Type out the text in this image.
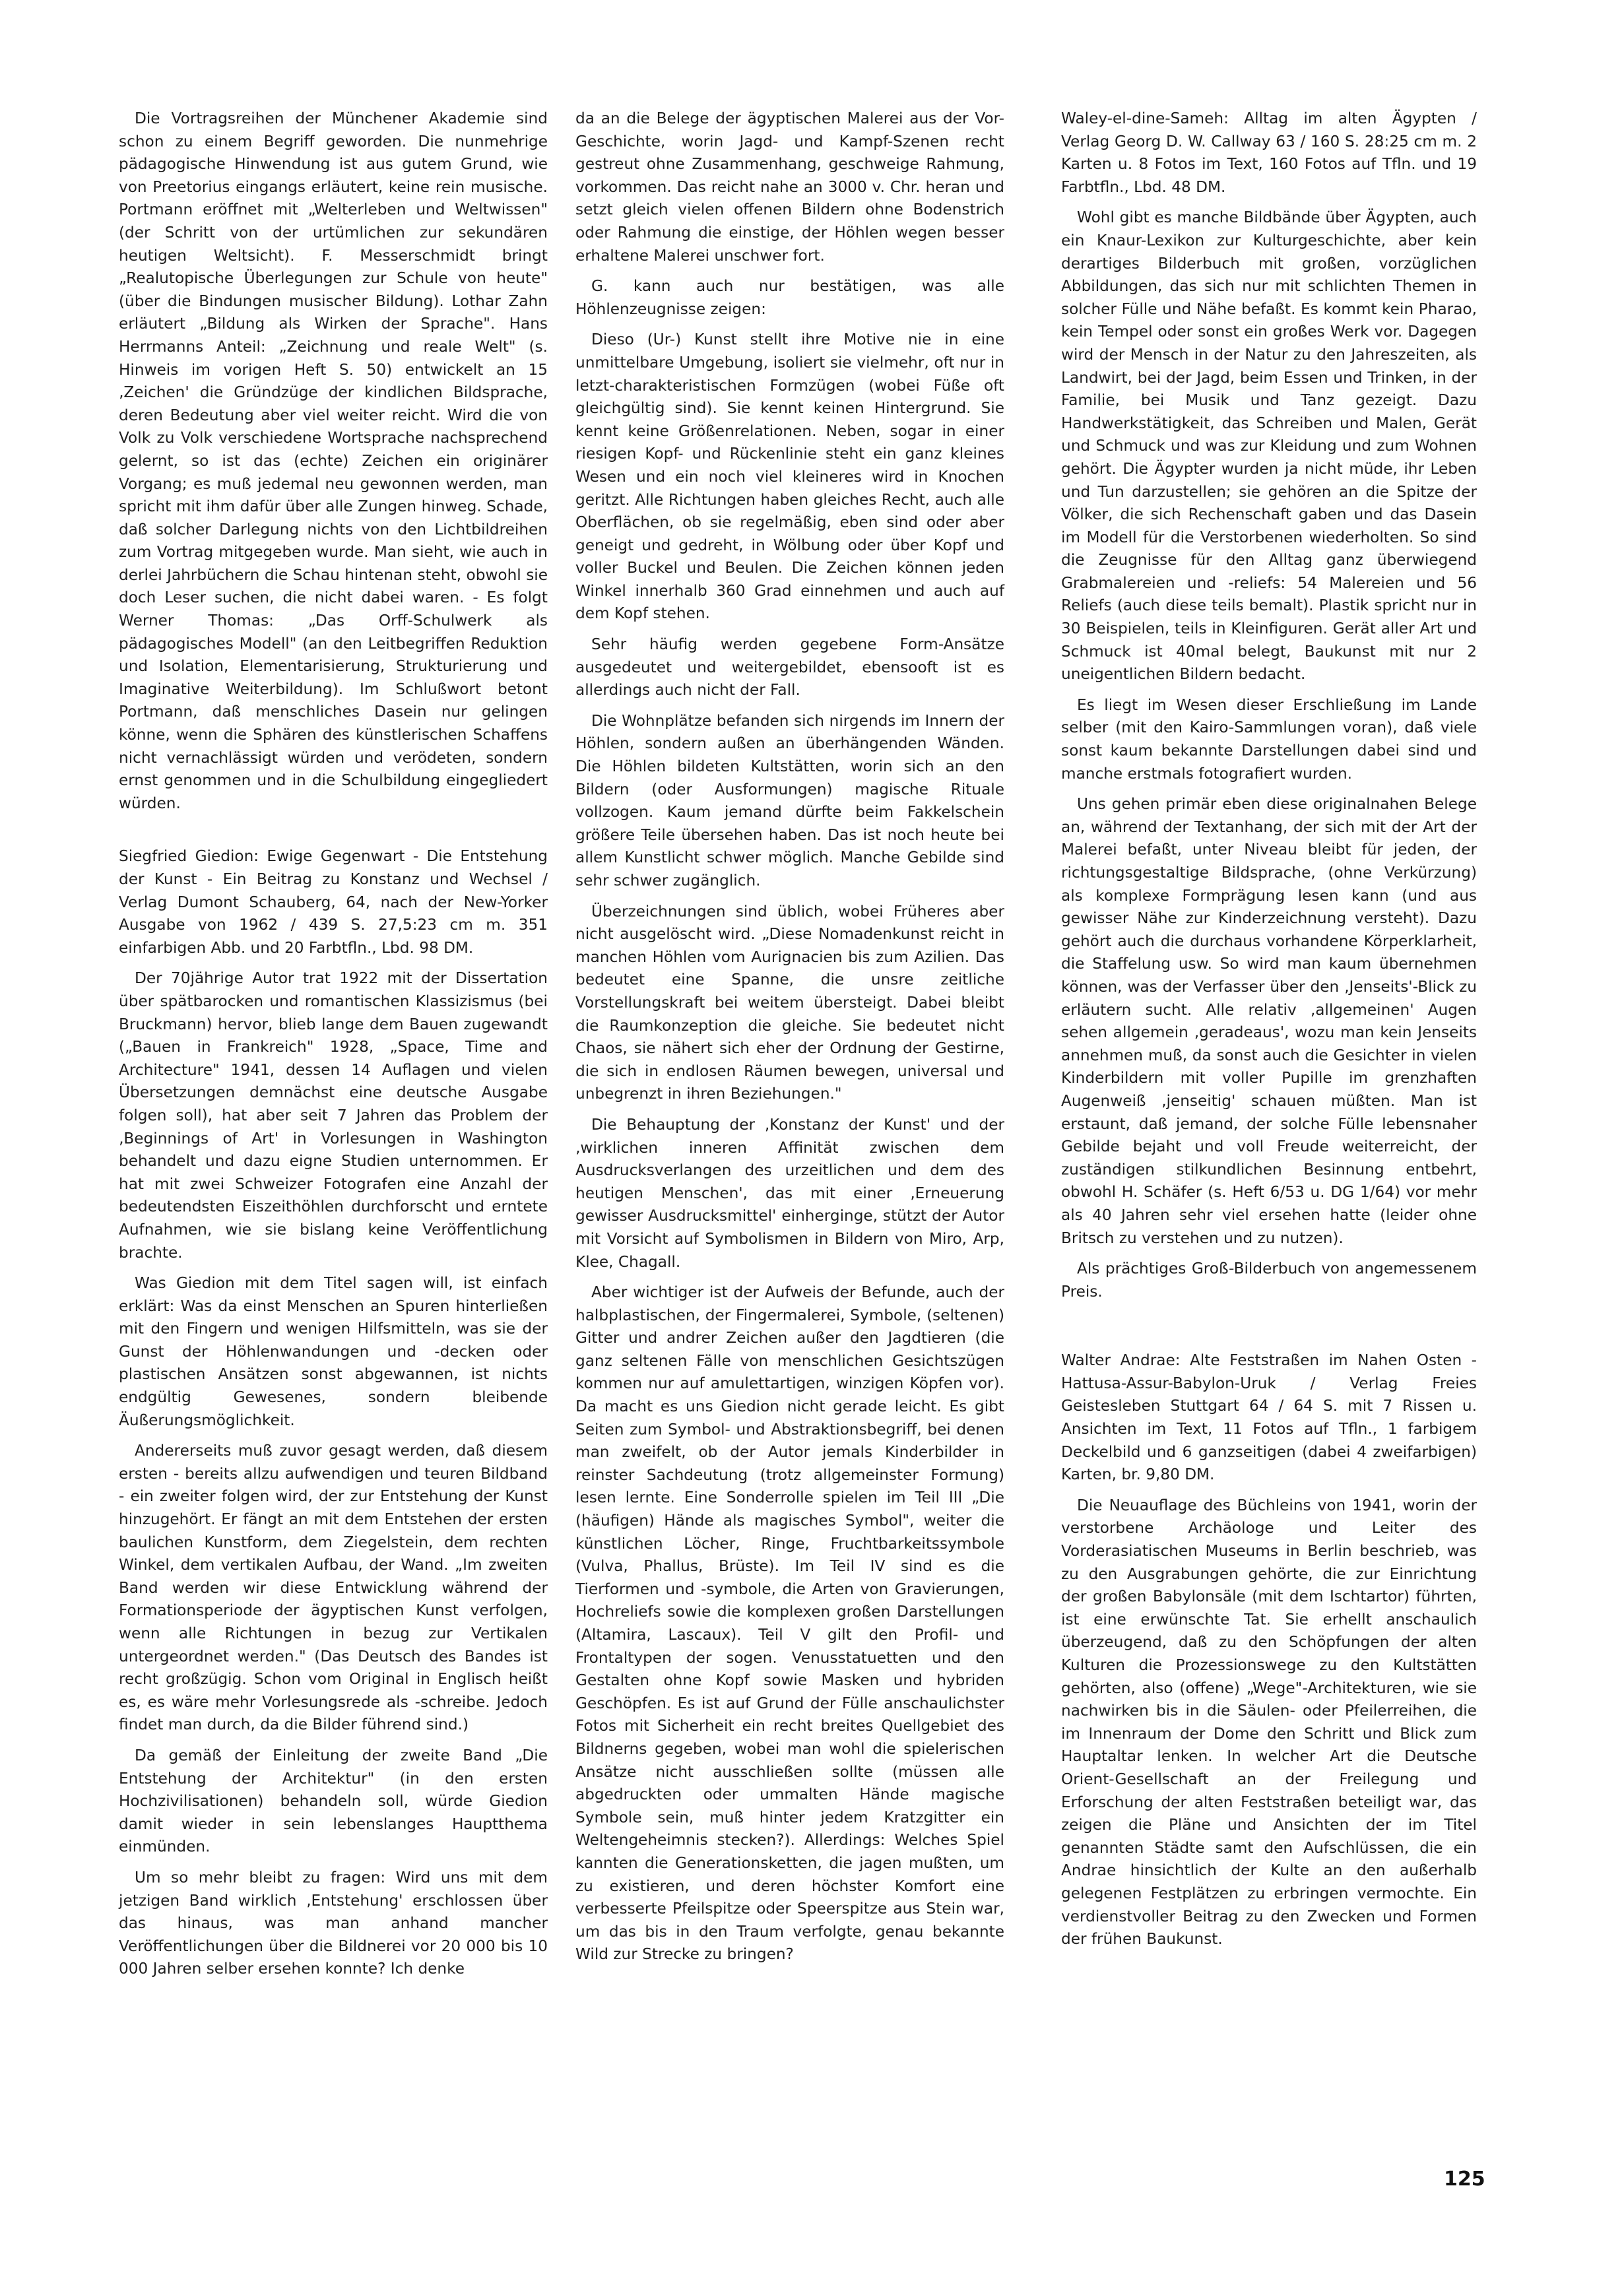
Die Vortragsreihen der Münchener Akademie sind schon zu einem Begriff geworden. Die nunmehrige pädagogische Hinwendung ist aus gutem Grund, wie von Preetorius eingangs erläutert, keine rein musische. Portmann eröffnet mit „Welterleben und Weltwissen" (der Schritt von der urtümlichen zur sekundären heutigen Weltsicht). F. Messerschmidt bringt „Realutopische Überlegungen zur Schule von heute" (über die Bindungen musischer Bildung). Lothar Zahn erläutert „Bildung als Wirken der Sprache". Hans Herrmanns Anteil: „Zeichnung und reale Welt" (s. Hinweis im vorigen Heft S. 50) entwickelt an 15 ‚Zeichen' die Gründzüge der kindlichen Bildsprache, deren Bedeutung aber viel weiter reicht. Wird die von Volk zu Volk verschiedene Wortsprache nachsprechend gelernt, so ist das (echte) Zeichen ein originärer Vorgang; es muß jedemal neu gewonnen werden, man spricht mit ihm dafür über alle Zungen hinweg. Schade, daß solcher Darlegung nichts von den Lichtbildreihen zum Vortrag mitgegeben wurde. Man sieht, wie auch in derlei Jahrbüchern die Schau hintenan steht, obwohl sie doch Leser suchen, die nicht dabei waren. - Es folgt Werner Thomas: „Das Orff-Schulwerk als pädagogisches Modell" (an den Leitbegriffen Reduktion und Isolation, Elementarisierung, Strukturierung und Imaginative Weiterbildung). Im Schlußwort betont Portmann, daß menschliches Dasein nur gelingen könne, wenn die Sphären des künstlerischen Schaffens nicht vernachlässigt würden und verödeten, sondern ernst genommen und in die Schulbildung eingegliedert würden.

Siegfried Giedion: Ewige Gegenwart - Die Entstehung der Kunst - Ein Beitrag zu Konstanz und Wechsel / Verlag Dumont Schauberg, 64, nach der New-Yorker Ausgabe von 1962 / 439 S. 27,5:23 cm m. 351 einfarbigen Abb. und 20 Farbtfln., Lbd. 98 DM.

Der 70jährige Autor trat 1922 mit der Dissertation über spätbarocken und romantischen Klassizismus (bei Bruckmann) hervor, blieb lange dem Bauen zugewandt („Bauen in Frankreich" 1928, „Space, Time and Architecture" 1941, dessen 14 Auflagen und vielen Übersetzungen demnächst eine deutsche Ausgabe folgen soll), hat aber seit 7 Jahren das Problem der ‚Beginnings of Art' in Vorlesungen in Washington behandelt und dazu eigne Studien unternommen. Er hat mit zwei Schweizer Fotografen eine Anzahl der bedeutendsten Eiszeithöhlen durchforscht und erntete Aufnahmen, wie sie bislang keine Veröffentlichung brachte.

Was Giedion mit dem Titel sagen will, ist einfach erklärt: Was da einst Menschen an Spuren hinterließen mit den Fingern und wenigen Hilfsmitteln, was sie der Gunst der Höhlenwandungen und -decken oder plastischen Ansätzen sonst abgewannen, ist nichts endgültig Gewesenes, sondern bleibende Äußerungsmöglichkeit.

Andererseits muß zuvor gesagt werden, daß diesem ersten - bereits allzu aufwendigen und teuren Bildband - ein zweiter folgen wird, der zur Entstehung der Kunst hinzugehört. Er fängt an mit dem Entstehen der ersten baulichen Kunstform, dem Ziegelstein, dem rechten Winkel, dem vertikalen Aufbau, der Wand. „Im zweiten Band werden wir diese Entwicklung während der Formationsperiode der ägyptischen Kunst verfolgen, wenn alle Richtungen in bezug zur Vertikalen untergeordnet werden." (Das Deutsch des Bandes ist recht großzügig. Schon vom Original in Englisch heißt es, es wäre mehr Vorlesungsrede als -schreibe. Jedoch findet man durch, da die Bilder führend sind.)

Da gemäß der Einleitung der zweite Band „Die Entstehung der Architektur" (in den ersten Hochzivilisationen) behandeln soll, würde Giedion damit wieder in sein lebenslanges Hauptthema einmünden.

Um so mehr bleibt zu fragen: Wird uns mit dem jetzigen Band wirklich ‚Entstehung' erschlossen über das hinaus, was man anhand mancher Veröffentlichungen über die Bildnerei vor 20 000 bis 10 000 Jahren selber ersehen konnte? Ich denke

da an die Belege der ägyptischen Malerei aus der Vor-Geschichte, worin Jagd- und Kampf-Szenen recht gestreut ohne Zusammenhang, geschweige Rahmung, vorkommen. Das reicht nahe an 3000 v. Chr. heran und setzt gleich vielen offenen Bildern ohne Bodenstrich oder Rahmung die einstige, der Höhlen wegen besser erhaltene Malerei unschwer fort.

G. kann auch nur bestätigen, was alle Höhlenzeugnisse zeigen:

Dieso (Ur-) Kunst stellt ihre Motive nie in eine unmittelbare Umgebung, isoliert sie vielmehr, oft nur in letzt-charakteristischen Formzügen (wobei Füße oft gleichgültig sind). Sie kennt keinen Hintergrund. Sie kennt keine Größenrelationen. Neben, sogar in einer riesigen Kopf- und Rückenlinie steht ein ganz kleines Wesen und ein noch viel kleineres wird in Knochen geritzt. Alle Richtungen haben gleiches Recht, auch alle Oberflächen, ob sie regelmäßig, eben sind oder aber geneigt und gedreht, in Wölbung oder über Kopf und voller Buckel und Beulen. Die Zeichen können jeden Winkel innerhalb 360 Grad einnehmen und auch auf dem Kopf stehen.

Sehr häufig werden gegebene Form-Ansätze ausgedeutet und weitergebildet, ebensooft ist es allerdings auch nicht der Fall.

Die Wohnplätze befanden sich nirgends im Innern der Höhlen, sondern außen an überhängenden Wänden. Die Höhlen bildeten Kultstätten, worin sich an den Bildern (oder Ausformungen) magische Rituale vollzogen. Kaum jemand dürfte beim Fakkelschein größere Teile übersehen haben. Das ist noch heute bei allem Kunstlicht schwer möglich. Manche Gebilde sind sehr schwer zugänglich.

Überzeichnungen sind üblich, wobei Früheres aber nicht ausgelöscht wird. „Diese Nomadenkunst reicht in manchen Höhlen vom Aurignacien bis zum Azilien. Das bedeutet eine Spanne, die unsre zeitliche Vorstellungskraft bei weitem übersteigt. Dabei bleibt die Raumkonzeption die gleiche. Sie bedeutet nicht Chaos, sie nähert sich eher der Ordnung der Gestirne, die sich in endlosen Räumen bewegen, universal und unbegrenzt in ihren Beziehungen."

Die Behauptung der ‚Konstanz der Kunst' und der ‚wirklichen inneren Affinität zwischen dem Ausdrucksverlangen des urzeitlichen und dem des heutigen Menschen', das mit einer ‚Erneuerung gewisser Ausdrucksmittel' einherginge, stützt der Autor mit Vorsicht auf Symbolismen in Bildern von Miro, Arp, Klee, Chagall.

Aber wichtiger ist der Aufweis der Befunde, auch der halbplastischen, der Fingermalerei, Symbole, (seltenen) Gitter und andrer Zeichen außer den Jagdtieren (die ganz seltenen Fälle von menschlichen Gesichtszügen kommen nur auf amulettartigen, winzigen Köpfen vor). Da macht es uns Giedion nicht gerade leicht. Es gibt Seiten zum Symbol- und Abstraktionsbegriff, bei denen man zweifelt, ob der Autor jemals Kinderbilder in reinster Sachdeutung (trotz allgemeinster Formung) lesen lernte. Eine Sonderrolle spielen im Teil III „Die (häufigen) Hände als magisches Symbol", weiter die künstlichen Löcher, Ringe, Fruchtbarkeitssymbole (Vulva, Phallus, Brüste). Im Teil IV sind es die Tierformen und -symbole, die Arten von Gravierungen, Hochreliefs sowie die komplexen großen Darstellungen (Altamira, Lascaux). Teil V gilt den Profil- und Frontaltypen der sogen. Venusstatuetten und den Gestalten ohne Kopf sowie Masken und hybriden Geschöpfen. Es ist auf Grund der Fülle anschaulichster Fotos mit Sicherheit ein recht breites Quellgebiet des Bildnerns gegeben, wobei man wohl die spielerischen Ansätze nicht ausschließen sollte (müssen alle abgedruckten oder ummalten Hände magische Symbole sein, muß hinter jedem Kratzgitter ein Weltengeheimnis stecken?). Allerdings: Welches Spiel kannten die Generationsketten, die jagen mußten, um zu existieren, und deren höchster Komfort eine verbesserte Pfeilspitze oder Speerspitze aus Stein war, um das bis in den Traum verfolgte, genau bekannte Wild zur Strecke zu bringen?

Waley-el-dine-Sameh: Alltag im alten Ägypten / Verlag Georg D. W. Callway 63 / 160 S. 28:25 cm m. 2 Karten u. 8 Fotos im Text, 160 Fotos auf Tfln. und 19 Farbtfln., Lbd. 48 DM.

Wohl gibt es manche Bildbände über Ägypten, auch ein Knaur-Lexikon zur Kulturgeschichte, aber kein derartiges Bilderbuch mit großen, vorzüglichen Abbildungen, das sich nur mit schlichten Themen in solcher Fülle und Nähe befaßt. Es kommt kein Pharao, kein Tempel oder sonst ein großes Werk vor. Dagegen wird der Mensch in der Natur zu den Jahreszeiten, als Landwirt, bei der Jagd, beim Essen und Trinken, in der Familie, bei Musik und Tanz gezeigt. Dazu Handwerkstätigkeit, das Schreiben und Malen, Gerät und Schmuck und was zur Kleidung und zum Wohnen gehört. Die Ägypter wurden ja nicht müde, ihr Leben und Tun darzustellen; sie gehören an die Spitze der Völker, die sich Rechenschaft gaben und das Dasein im Modell für die Verstorbenen wiederholten. So sind die Zeugnisse für den Alltag ganz überwiegend Grabmalereien und -reliefs: 54 Malereien und 56 Reliefs (auch diese teils bemalt). Plastik spricht nur in 30 Beispielen, teils in Kleinfiguren. Gerät aller Art und Schmuck ist 40mal belegt, Baukunst mit nur 2 uneigentlichen Bildern bedacht.

Es liegt im Wesen dieser Erschließung im Lande selber (mit den Kairo-Sammlungen voran), daß viele sonst kaum bekannte Darstellungen dabei sind und manche erstmals fotografiert wurden.

Uns gehen primär eben diese originalnahen Belege an, während der Textanhang, der sich mit der Art der Malerei befaßt, unter Niveau bleibt für jeden, der richtungsgestaltige Bildsprache, (ohne Verkürzung) als komplexe Formprägung lesen kann (und aus gewisser Nähe zur Kinderzeichnung versteht). Dazu gehört auch die durchaus vorhandene Körperklarheit, die Staffelung usw. So wird man kaum übernehmen können, was der Verfasser über den ‚Jenseits'-Blick zu erläutern sucht. Alle relativ ‚allgemeinen' Augen sehen allgemein ‚geradeaus', wozu man kein Jenseits annehmen muß, da sonst auch die Gesichter in vielen Kinderbildern mit voller Pupille im grenzhaften Augenweiß ‚jenseitig' schauen müßten. Man ist erstaunt, daß jemand, der solche Fülle lebensnaher Gebilde bejaht und voll Freude weiterreicht, der zuständigen stilkundlichen Besinnung entbehrt, obwohl H. Schäfer (s. Heft 6/53 u. DG 1/64) vor mehr als 40 Jahren sehr viel ersehen hatte (leider ohne Britsch zu verstehen und zu nutzen).

Als prächtiges Groß-Bilderbuch von angemessenem Preis.

Walter Andrae: Alte Feststraßen im Nahen Osten - Hattusa-Assur-Babylon-Uruk / Verlag Freies Geistesleben Stuttgart 64 / 64 S. mit 7 Rissen u. Ansichten im Text, 11 Fotos auf Tfln., 1 farbigem Deckelbild und 6 ganzseitigen (dabei 4 zweifarbigen) Karten, br. 9,80 DM.

Die Neuauflage des Büchleins von 1941, worin der verstorbene Archäologe und Leiter des Vorderasiatischen Museums in Berlin beschrieb, was zu den Ausgrabungen gehörte, die zur Einrichtung der großen Babylonsäle (mit dem Ischtartor) führten, ist eine erwünschte Tat. Sie erhellt anschaulich überzeugend, daß zu den Schöpfungen der alten Kulturen die Prozessionswege zu den Kultstätten gehörten, also (offene) „Wege"-Architekturen, wie sie nachwirken bis in die Säulen- oder Pfeilerreihen, die im Innenraum der Dome den Schritt und Blick zum Hauptaltar lenken. In welcher Art die Deutsche Orient-Gesellschaft an der Freilegung und Erforschung der alten Feststraßen beteiligt war, das zeigen die Pläne und Ansichten der im Titel genannten Städte samt den Aufschlüssen, die ein Andrae hinsichtlich der Kulte an den außerhalb gelegenen Festplätzen zu erbringen vermochte. Ein verdienstvoller Beitrag zu den Zwecken und Formen der frühen Baukunst.

125
